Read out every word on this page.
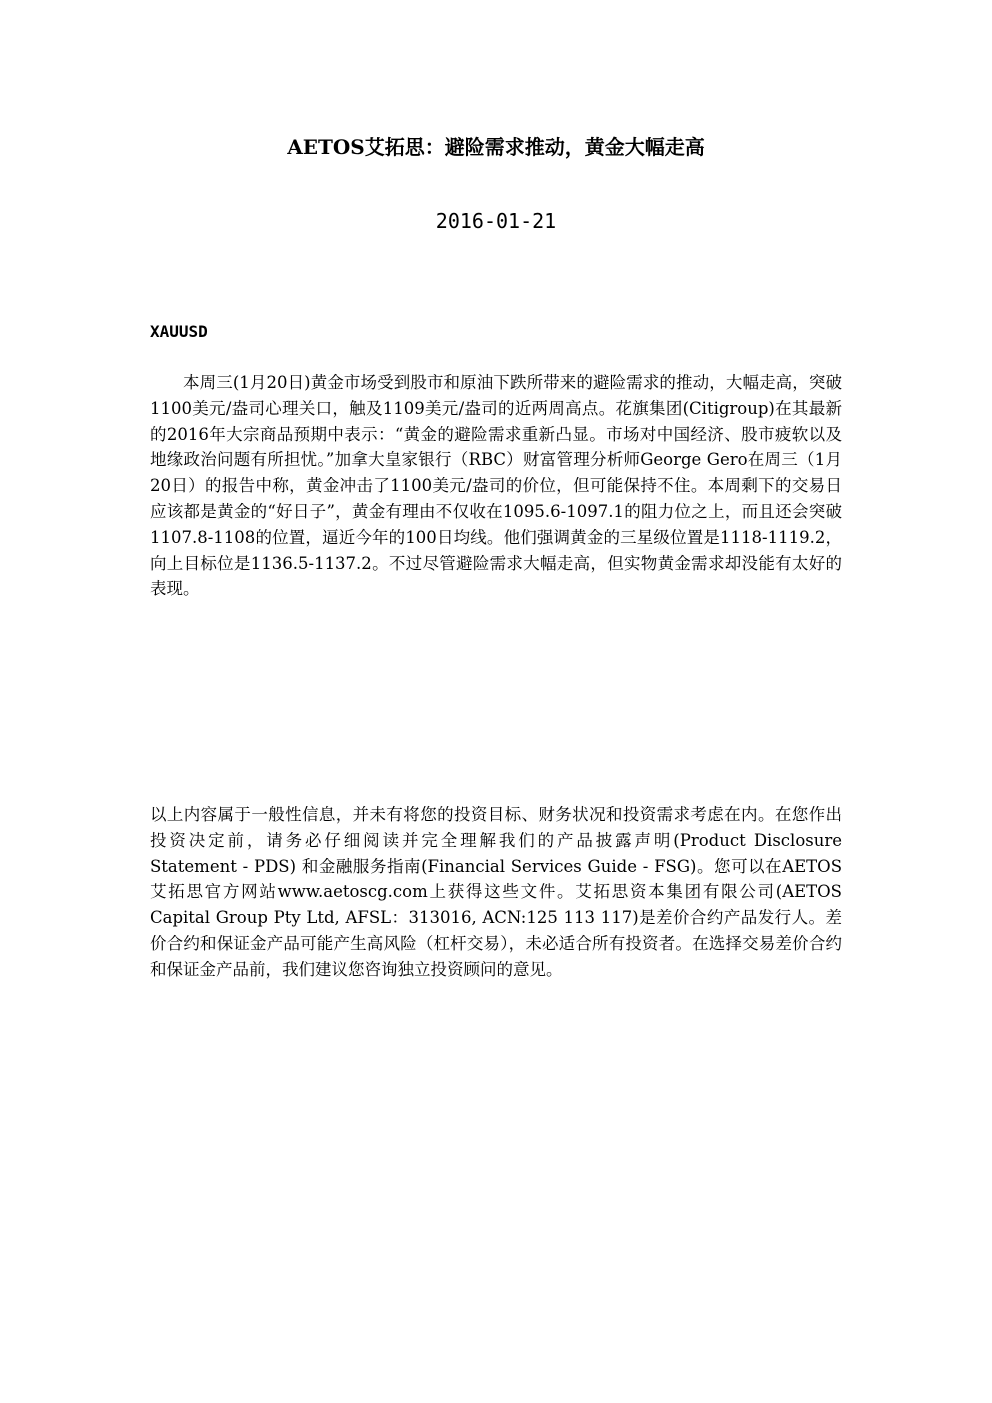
AETOS艾拓思：避险需求推动，黄金大幅走高
2016-01-21
XAUUSD

本周三(1月20日)黄金市场受到股市和原油下跌所带来的避险需求的推动，大幅走高，突破1100美元/盎司心理关口，触及1109美元/盎司的近两周高点。花旗集团(Citigroup)在其最新的2016年大宗商品预期中表示：“黄金的避险需求重新凸显。市场对中国经济、股市疲软以及地缘政治问题有所担忧。”加拿大皇家银行（RBC）财富管理分析师George Gero在周三（1月20日）的报告中称，黄金冲击了1100美元/盎司的价位，但可能保持不住。本周剩下的交易日应该都是黄金的“好日子”，黄金有理由不仅收在1095.6-1097.1的阻力位之上，而且还会突破1107.8-1108的位置，逼近今年的100日均线。他们强调黄金的三星级位置是1118-1119.2，向上目标位是1136.5-1137.2。不过尽管避险需求大幅走高，但实物黄金需求却没能有太好的表现。

以上内容属于一般性信息，并未有将您的投资目标、财务状况和投资需求考虑在内。在您作出投资决定前，请务必仔细阅读并完全理解我们的产品披露声明(Product Disclosure Statement - PDS) 和金融服务指南(Financial Services Guide - FSG)。您可以在AETOS艾拓思官方网站www.aetoscg.com上获得这些文件。艾拓思资本集团有限公司(AETOS Capital Group Pty Ltd, AFSL：313016, ACN:125 113 117)是差价合约产品发行人。差价合约和保证金产品可能产生高风险（杠杆交易），未必适合所有投资者。在选择交易差价合约和保证金产品前，我们建议您咨询独立投资顾问的意见。
